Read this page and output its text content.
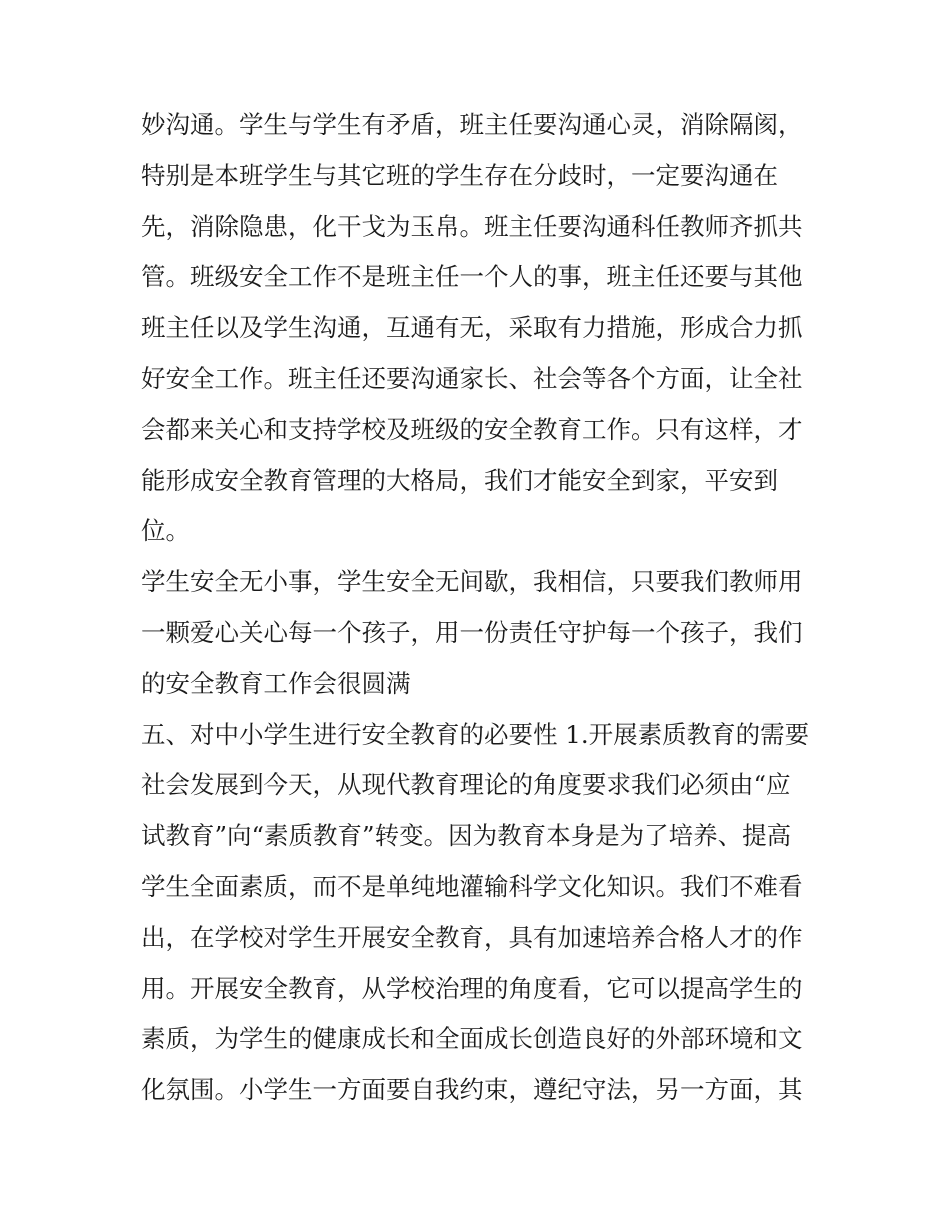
妙沟通。学生与学生有矛盾，班主任要沟通心灵，消除隔阂，
特别是本班学生与其它班的学生存在分歧时，一定要沟通在
先，消除隐患，化干戈为玉帛。班主任要沟通科任教师齐抓共
管。班级安全工作不是班主任一个人的事，班主任还要与其他
班主任以及学生沟通，互通有无，采取有力措施，形成合力抓
好安全工作。班主任还要沟通家长、社会等各个方面，让全社
会都来关心和支持学校及班级的安全教育工作。只有这样，才
能形成安全教育管理的大格局，我们才能安全到家，平安到
位。
学生安全无小事，学生安全无间歇，我相信，只要我们教师用
一颗爱心关心每一个孩子，用一份责任守护每一个孩子，我们
的安全教育工作会很圆满
五、对中小学生进行安全教育的必要性 1.开展素质教育的需要
社会发展到今天，从现代教育理论的角度要求我们必须由“应
试教育”向“素质教育”转变。因为教育本身是为了培养、提高
学生全面素质，而不是单纯地灌输科学文化知识。我们不难看
出，在学校对学生开展安全教育，具有加速培养合格人才的作
用。开展安全教育，从学校治理的角度看，它可以提高学生的
素质，为学生的健康成长和全面成长创造良好的外部环境和文
化氛围。小学生一方面要自我约束，遵纪守法，另一方面，其
